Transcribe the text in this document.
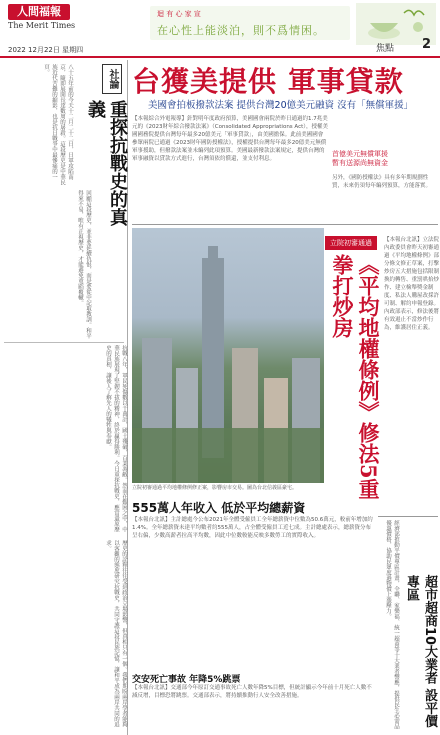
人間福報
The Merit Times
2022 12月22日 星期四
迴 有 心 家 宣
在心性上能淡泊，則不爲情困。
焦點 2
八十五年前的今天十二月二十二日，日軍攻陷南京，隨即展開長達數周的屠殺。這段歷史是中華民族近代苦難的縮影，也是抗日戰爭中最慘痛的一頁。	社論
重探抗戰史的真義
回顧這段歷史，並非要延續仇恨，而是要從中記取教訓。和平得來不易，唯有正視歷史，才能避免重蹈覆轍。
抗戰八年，軍民死傷數以千萬計，國土殘破，百業凋敝。然而在艱困之中，中華民族展現了堅韌不拔的精神，終於贏得勝利。今日重探抗戰史，應當還原歷史的真相，讓後人了解先人的犧牲與奉獻。
歷史的詮釋往往受到政治立場影響，但真相只有一個。我們期盼兩岸學者能夠以客觀的態度研究抗戰史，共同守護這段民族記憶，讓和平成為兩岸共同的追求。
台獲美提供 軍事貸款
美國會拍板撥款法案 提供台灣20億美元融資 沒有「無償軍援」
【本報綜合外電報導】針對明年度政府預算，美國國會兩院於昨日通過約1.7兆美元的《2023財年綜合撥款法案》（Consolidated Appropriations Act），授權美國國務院提供台灣每年最多20億美元「軍事貸款」，由美國擔保。此前美國國會參眾兩院已通過《2023財年國防授權法》，授權提供台灣每年最多20億美元無償軍事援助，但撥款法案並未編列此項預算。美國最新撥款法案規定，提供台灣的軍事融資以貸款方式進行，台灣須依約償還，並支付利息。
首億美元無償軍援
暫有送源尚無資金
另外，《國防授權法》具有多年期規劃性質，未來仍須每年編列預算，方能落實。
立院初審通過平均地權條例修正案，影響房市交易。圖為台北信義區豪宅。
立院初審通過
《平均地權條例》修法5重拳打炒房
【本報台北訊】立法院內政委員會昨天初審通過《平均地權條例》部分條文修正草案，打擊炒房五大措施包括限制換約轉售、重罰哄抬炒作、建立檢舉獎金制度、私法人購屋改採許可制、解約申報登錄。內政部表示，修法後將有效遏止不當炒作行為，維護居住正義。
555萬人年收入 低於平均總薪資
【本報台北訊】主計總處今公布2021年全體受僱員工全年總薪資中位數為50.6萬元，較前年增加約1.4%。全年總薪資未達平均數者約555萬人，占全體受僱員工近七成。主計總處表示，總薪資分布呈右偏，少數高薪者拉高平均數，因此中位數較能反映多數勞工的實際收入。
交安死亡事故 年降5%跳票
【本報台北訊】交通部今年原訂交通事故死亡人數年降5%目標，但統計顯示今年前十月死亡人數不減反增，目標恐將跳票。交通部表示，將持續推動行人安全改善措施。	經濟部推動平價專區計畫，全聯、家樂福、統一超商等十大業者響應，提供民生必需品優惠價格，協助民眾度過物價上漲壓力。
超市超商10大業者 設平價專區
